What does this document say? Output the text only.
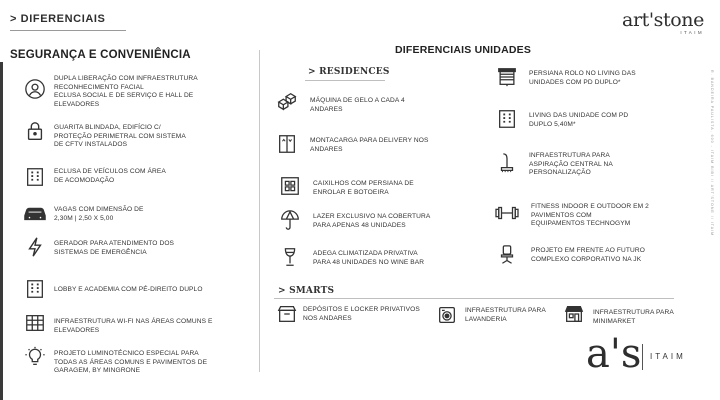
> DIFERENCIAIS	art'stone
ITAIM
SEGURANÇA E CONVENIÊNCIA
DUPLA LIBERAÇÃO COM INFRAESTRUTURA
RECONHECIMENTO FACIAL
ECLUSA SOCIAL E DE SERVIÇO E HALL DE
ELEVADORES
GUARITA BLINDADA, EDIFÍCIO C/
PROTEÇÃO PERIMETRAL COM SISTEMA
DE CFTV INSTALADOS
ECLUSA DE VEÍCULOS COM ÁREA
DE ACOMODAÇÃO
VAGAS COM DIMENSÃO DE
2,30M | 2,50 X 5,00
GERADOR PARA ATENDIMENTO DOS
SISTEMAS DE EMERGÊNCIA
LOBBY E ACADEMIA COM PÉ-DIREITO DUPLO
INFRAESTRUTURA WI-FI NAS ÁREAS COMUNS E
ELEVADORES
PROJETO LUMINOTÉCNICO ESPECIAL PARA
TODAS AS ÁREAS COMUNS E PAVIMENTOS DE
GARAGEM, BY MINGRONE
DIFERENCIAIS UNIDADES
> RESIDENCES
MÁQUINA DE GELO A CADA 4
ANDARES
MONTACARGA PARA DELIVERY NOS
ANDARES
CAIXILHOS COM PERSIANA DE
ENROLAR E BOTOEIRA
LAZER EXCLUSIVO NA COBERTURA
PARA APENAS 48 UNIDADES
ADEGA CLIMATIZADA PRIVATIVA
PARA 48 UNIDADES NO WINE BAR
PERSIANA ROLO NO LIVING DAS
UNIDADES COM PD DUPLO*
LIVING DAS UNIDADE COM PD
DUPLO 5,40M*
INFRAESTRUTURA PARA
ASPIRAÇÃO CENTRAL NA
PERSONALIZAÇÃO
FITNESS INDOOR E OUTDOOR EM 2
PAVIMENTOS COM
EQUIPAMENTOS TECHNOGYM
PROJETO EM FRENTE AO FUTURO
COMPLEXO CORPORATIVO NA JK
> SMARTS
DEPÓSITOS E LOCKER PRIVATIVOS
NOS ANDARES
INFRAESTRUTURA PARA
LAVANDERIA
INFRAESTRUTURA PARA
MINIMARKET
R. BANDEIRA PAULISTA, 600 - ITAIM BIBI // ART'STONE // ITAIM
a's ITAIM
